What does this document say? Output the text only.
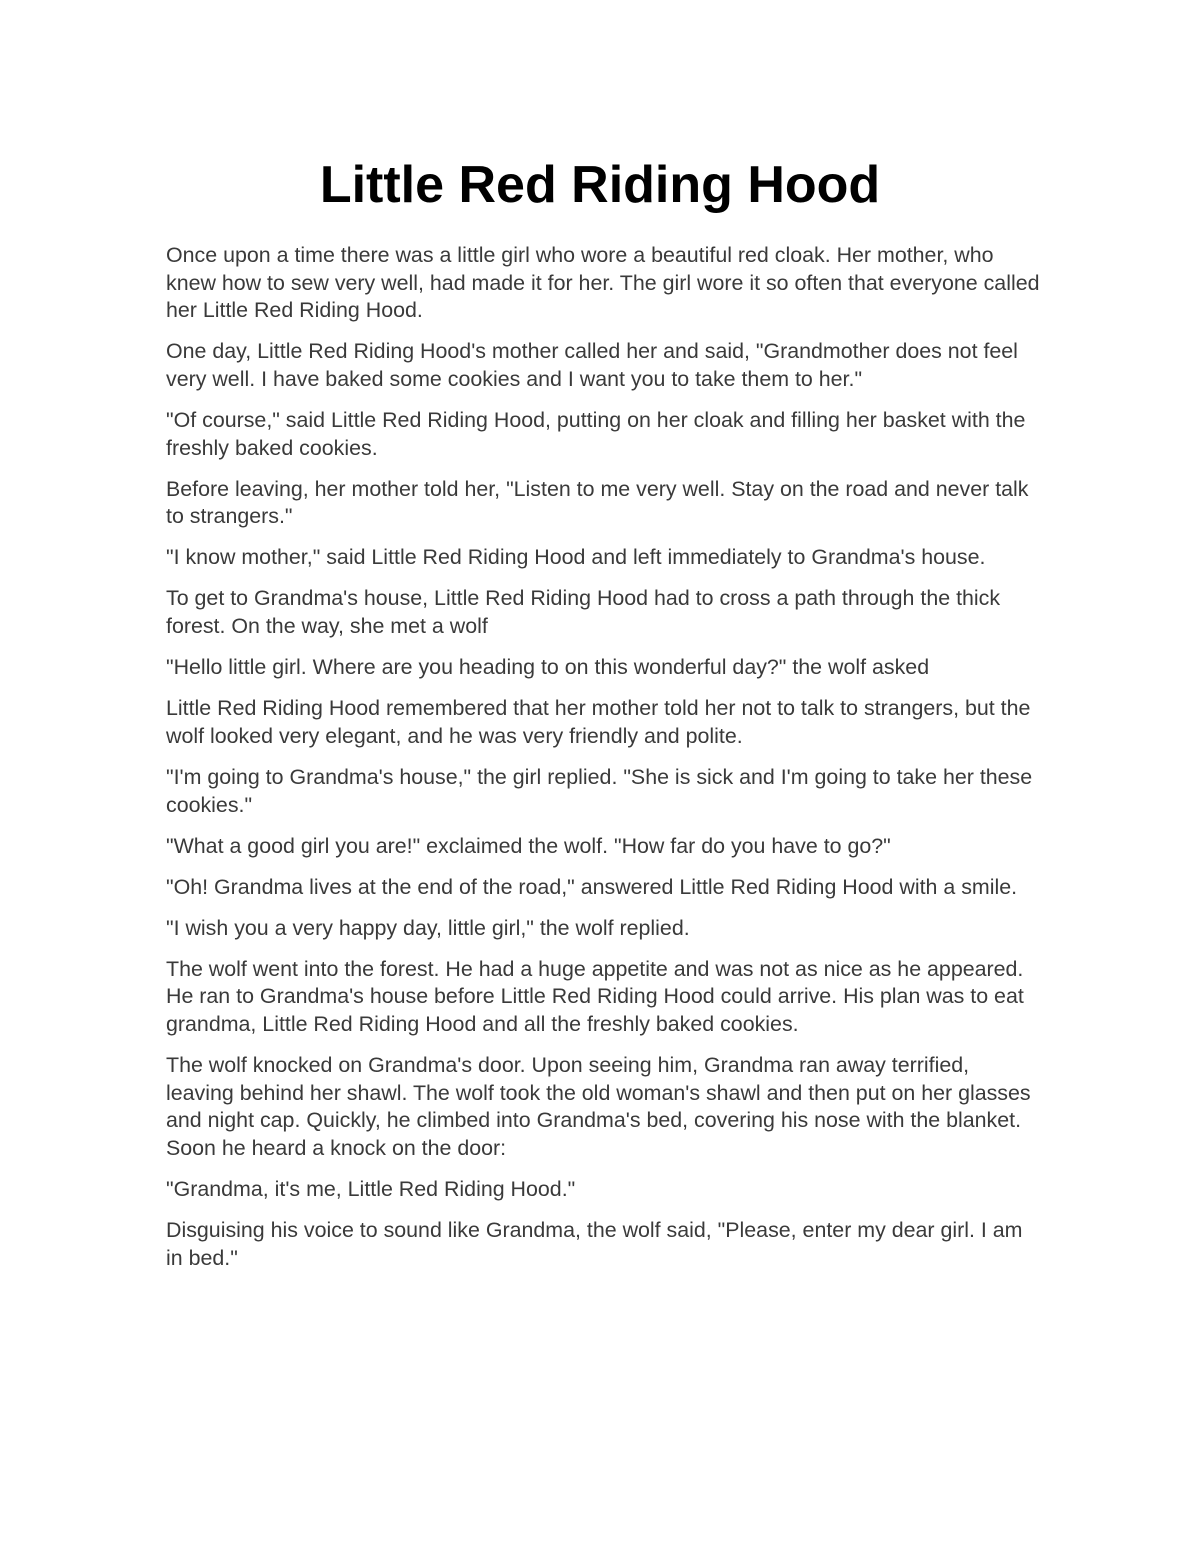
Little Red Riding Hood

Once upon a time there was a little girl who wore a beautiful red cloak. Her mother, who knew how to sew very well, had made it for her. The girl wore it so often that everyone called her Little Red Riding Hood.

One day, Little Red Riding Hood's mother called her and said, "Grandmother does not feel very well. I have baked some cookies and I want you to take them to her."

"Of course," said Little Red Riding Hood, putting on her cloak and filling her basket with the freshly baked cookies.

Before leaving, her mother told her, "Listen to me very well. Stay on the road and never talk to strangers."

"I know mother," said Little Red Riding Hood and left immediately to Grandma's house.

To get to Grandma's house, Little Red Riding Hood had to cross a path through the thick forest. On the way, she met a wolf

"Hello little girl. Where are you heading to on this wonderful day?" the wolf asked

Little Red Riding Hood remembered that her mother told her not to talk to strangers, but the wolf looked very elegant, and he was very friendly and polite.

"I'm going to Grandma's house," the girl replied. "She is sick and I'm going to take her these cookies."

"What a good girl you are!" exclaimed the wolf. "How far do you have to go?"

"Oh! Grandma lives at the end of the road," answered Little Red Riding Hood with a smile.

"I wish you a very happy day, little girl," the wolf replied.

The wolf went into the forest. He had a huge appetite and was not as nice as he appeared. He ran to Grandma's house before Little Red Riding Hood could arrive. His plan was to eat grandma, Little Red Riding Hood and all the freshly baked cookies.

The wolf knocked on Grandma's door. Upon seeing him, Grandma ran away terrified, leaving behind her shawl. The wolf took the old woman's shawl and then put on her glasses and night cap. Quickly, he climbed into Grandma's bed, covering his nose with the blanket. Soon he heard a knock on the door:

"Grandma, it's me, Little Red Riding Hood."

Disguising his voice to sound like Grandma, the wolf said, "Please, enter my dear girl. I am in bed."
